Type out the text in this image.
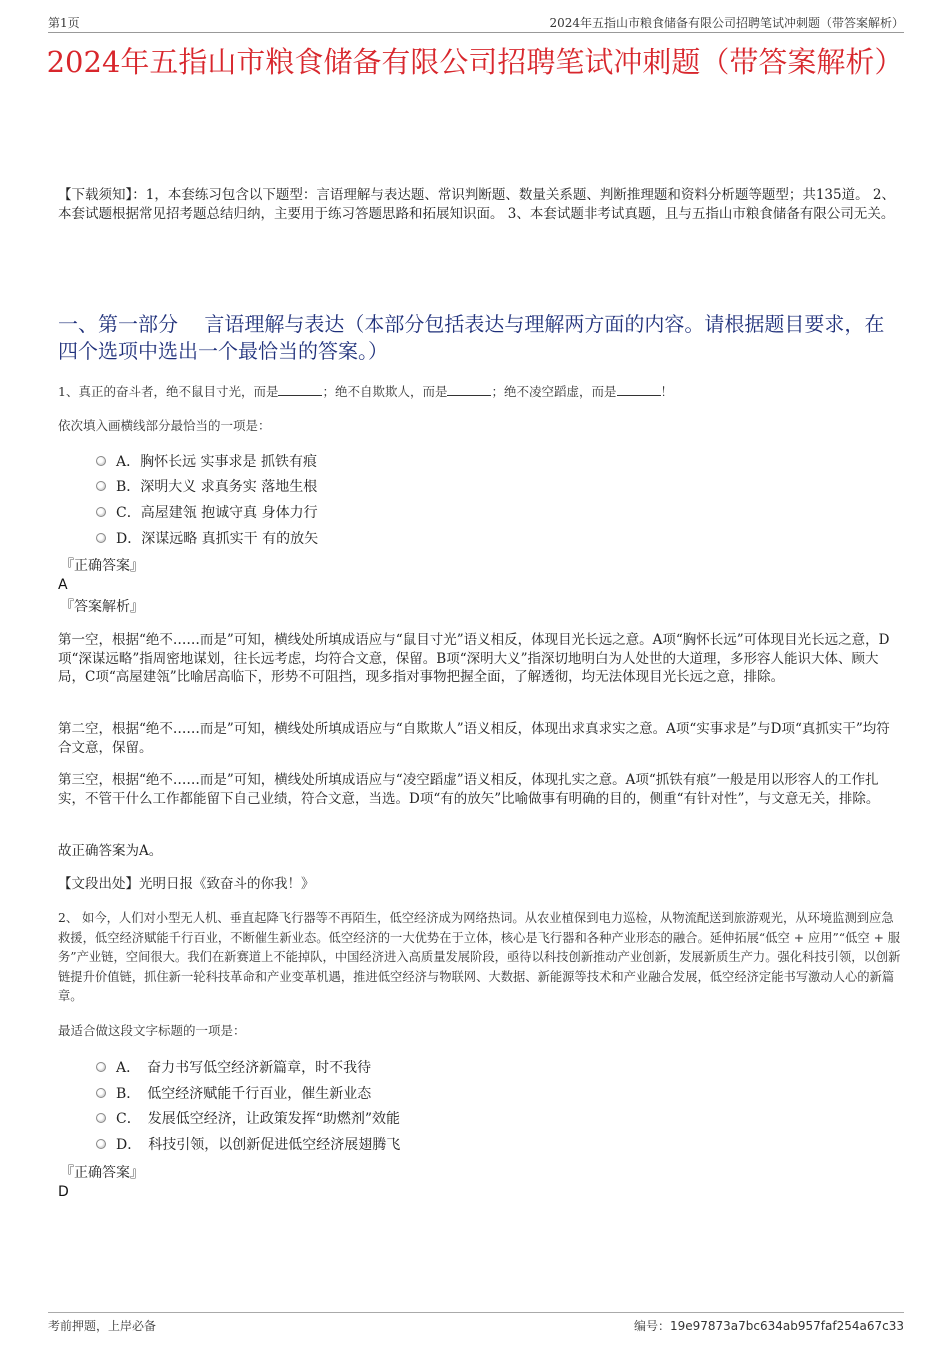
第1页	2024年五指山市粮食储备有限公司招聘笔试冲刺题（带答案解析）
2024年五指山市粮食储备有限公司招聘笔试冲刺题（带答案解析）
【下载须知】：1，本套练习包含以下题型：言语理解与表达题、常识判断题、数量关系题、判断推理题和资料分析题等题型；共135道。 2、本套试题根据常见招考题总结归纳，主要用于练习答题思路和拓展知识面。 3、本套试题非考试真题，且与五指山市粮食储备有限公司无关。
一、第一部分　 言语理解与表达（本部分包括表达与理解两方面的内容。请根据题目要求，在四个选项中选出一个最恰当的答案。）
1、真正的奋斗者，绝不鼠目寸光，而是	；绝不自欺欺人，而是	；绝不凌空蹈虚，而是	！
依次填入画横线部分最恰当的一项是：
A．胸怀长远 实事求是 抓铁有痕
B．深明大义 求真务实 落地生根
C．高屋建瓴 抱诚守真 身体力行
D．深谋远略 真抓实干 有的放矢
『正确答案』
A
『答案解析』
第一空，根据“绝不……而是”可知，横线处所填成语应与“鼠目寸光”语义相反，体现目光长远之意。A项“胸怀长远”可体现目光长远之意，D项“深谋远略”指周密地谋划，往长远考虑，均符合文意，保留。B项“深明大义”指深切地明白为人处世的大道理，多形容人能识大体、顾大局，C项“高屋建瓴”比喻居高临下，形势不可阻挡，现多指对事物把握全面，了解透彻，均无法体现目光长远之意，排除。
第二空，根据“绝不……而是”可知，横线处所填成语应与“自欺欺人”语义相反，体现出求真求实之意。A项“实事求是”与D项“真抓实干”均符合文意，保留。
第三空，根据“绝不……而是”可知，横线处所填成语应与“凌空蹈虚”语义相反，体现扎实之意。A项“抓铁有痕”一般是用以形容人的工作扎实，不管干什么工作都能留下自己业绩，符合文意，当选。D项“有的放矢”比喻做事有明确的目的，侧重“有针对性”，与文意无关，排除。
故正确答案为A。
【文段出处】光明日报《致奋斗的你我！》
2、 如今，人们对小型无人机、垂直起降飞行器等不再陌生，低空经济成为网络热词。从农业植保到电力巡检，从物流配送到旅游观光，从环境监测到应急救援，低空经济赋能千行百业，不断催生新业态。低空经济的一大优势在于立体，核心是飞行器和各种产业形态的融合。延伸拓展“低空 + 应用”“低空 + 服务”产业链，空间很大。我们在新赛道上不能掉队，中国经济进入高质量发展阶段，亟待以科技创新推动产业创新，发展新质生产力。强化科技引领，以创新链提升价值链，抓住新一轮科技革命和产业变革机遇，推进低空经济与物联网、大数据、新能源等技术和产业融合发展，低空经济定能书写激动人心的新篇章。
最适合做这段文字标题的一项是：
A．　奋力书写低空经济新篇章，时不我待
B．　低空经济赋能千行百业，催生新业态
C．　发展低空经济，让政策发挥“助燃剂”效能
D．　科技引领，以创新促进低空经济展翅腾飞
『正确答案』
D
考前押题，上岸必备	编号：19e97873a7bc634ab957faf254a67c33
